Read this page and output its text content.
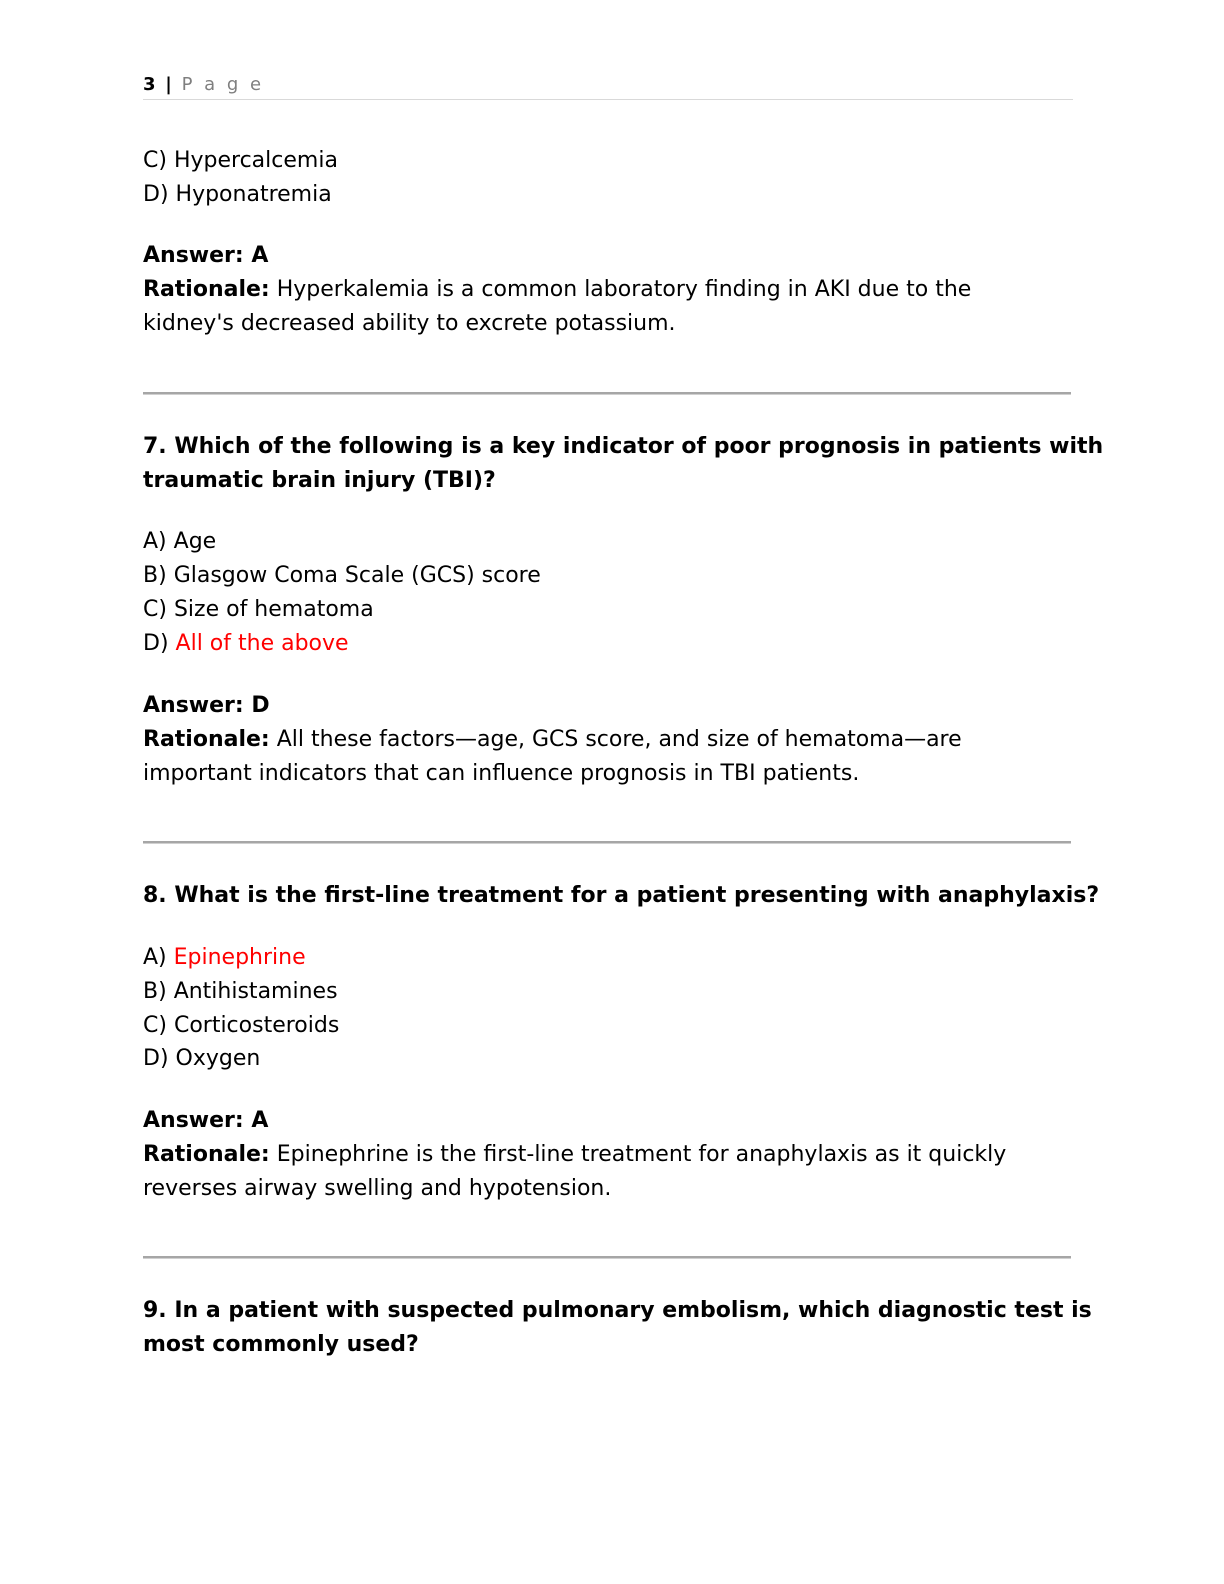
3 | P a g e
C) Hypercalcemia
D) Hyponatremia
Answer: A
Rationale: Hyperkalemia is a common laboratory finding in AKI due to the
kidney's decreased ability to excrete potassium.
7. Which of the following is a key indicator of poor prognosis in patients with
traumatic brain injury (TBI)?
A) Age
B) Glasgow Coma Scale (GCS) score
C) Size of hematoma
D) All of the above
Answer: D
Rationale: All these factors—age, GCS score, and size of hematoma—are
important indicators that can influence prognosis in TBI patients.
8. What is the first-line treatment for a patient presenting with anaphylaxis?
A) Epinephrine
B) Antihistamines
C) Corticosteroids
D) Oxygen
Answer: A
Rationale: Epinephrine is the first-line treatment for anaphylaxis as it quickly
reverses airway swelling and hypotension.
9. In a patient with suspected pulmonary embolism, which diagnostic test is
most commonly used?
